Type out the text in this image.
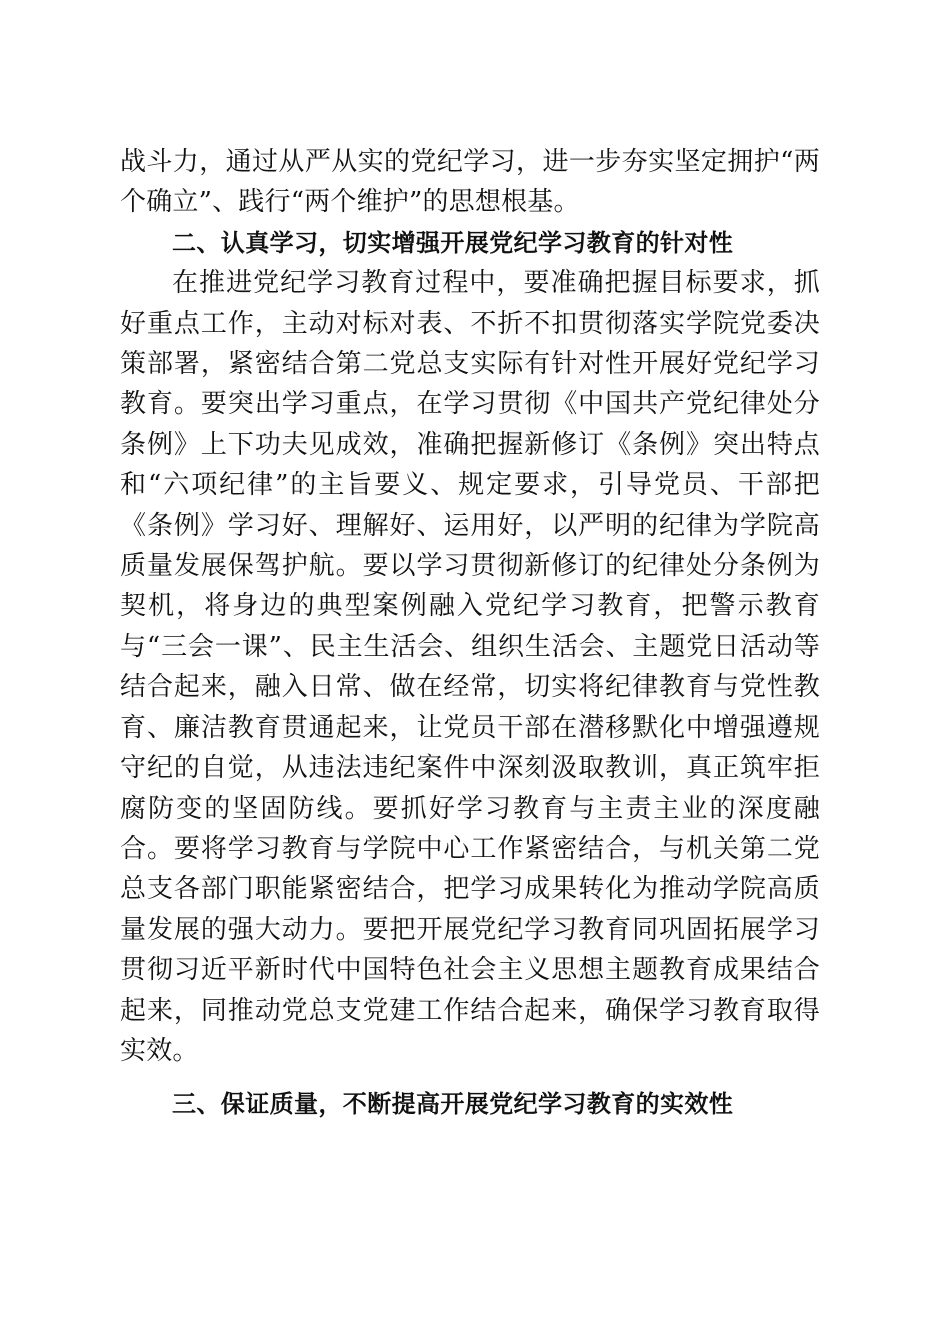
战斗力，通过从严从实的党纪学习，进一步夯实坚定拥护“两个确立”、践行“两个维护”的思想根基。

二、认真学习，切实增强开展党纪学习教育的针对性

在推进党纪学习教育过程中，要准确把握目标要求，抓好重点工作，主动对标对表、不折不扣贯彻落实学院党委决策部署，紧密结合第二党总支实际有针对性开展好党纪学习教育。要突出学习重点，在学习贯彻《中国共产党纪律处分条例》上下功夫见成效，准确把握新修订《条例》突出特点和“六项纪律”的主旨要义、规定要求，引导党员、干部把《条例》学习好、理解好、运用好，以严明的纪律为学院高质量发展保驾护航。要以学习贯彻新修订的纪律处分条例为契机，将身边的典型案例融入党纪学习教育，把警示教育与“三会一课”、民主生活会、组织生活会、主题党日活动等结合起来，融入日常、做在经常，切实将纪律教育与党性教育、廉洁教育贯通起来，让党员干部在潜移默化中增强遵规守纪的自觉，从违法违纪案件中深刻汲取教训，真正筑牢拒腐防变的坚固防线。要抓好学习教育与主责主业的深度融合。要将学习教育与学院中心工作紧密结合，与机关第二党总支各部门职能紧密结合，把学习成果转化为推动学院高质量发展的强大动力。要把开展党纪学习教育同巩固拓展学习贯彻习近平新时代中国特色社会主义思想主题教育成果结合起来，同推动党总支党建工作结合起来，确保学习教育取得实效。

三、保证质量，不断提高开展党纪学习教育的实效性
